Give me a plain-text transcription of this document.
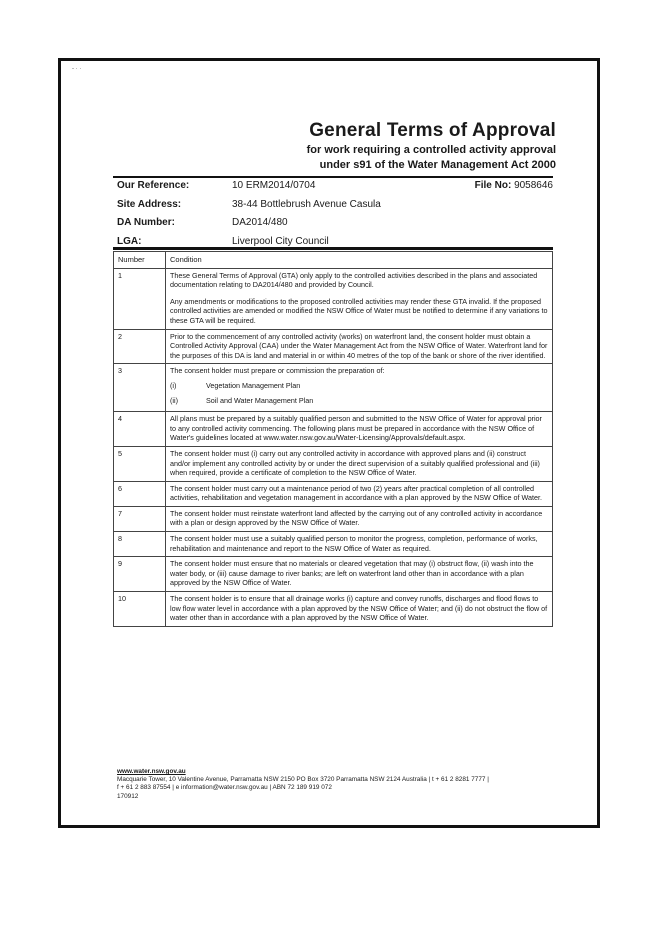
- · ·

General Terms of Approval

for work requiring a controlled activity approval

under s91 of the Water Management Act 2000

Our Reference:	10 ERM2014/0704	File No: 9058646
Site Address:	38-44 Bottlebrush Avenue Casula
DA Number:	DA2014/480
LGA:	Liverpool City Council
Number	Condition
1	These General Terms of Approval (GTA) only apply to the controlled activities described in the plans and associated documentation relating to DA2014/480 and provided by Council.
Any amendments or modifications to the proposed controlled activities may render these GTA invalid. If the proposed controlled activities are amended or modified the NSW Office of Water must be notified to determine if any variations to these GTA will be required.

2	Prior to the commencement of any controlled activity (works) on waterfront land, the consent holder must obtain a Controlled Activity Approval (CAA) under the Water Management Act from the NSW Office of Water. Waterfront land for the purposes of this DA is land and material in or within 40 metres of the top of the bank or shore of the river identified.
3	The consent holder must prepare or commission the preparation of:
(i) Vegetation Management Plan
(ii) Soil and Water Management Plan

4	All plans must be prepared by a suitably qualified person and submitted to the NSW Office of Water for approval prior to any controlled activity commencing. The following plans must be prepared in accordance with the NSW Office of Water's guidelines located at www.water.nsw.gov.au/Water-Licensing/Approvals/default.aspx.
5	The consent holder must (i) carry out any controlled activity in accordance with approved plans and (ii) construct and/or implement any controlled activity by or under the direct supervision of a suitably qualified professional and (iii) when required, provide a certificate of completion to the NSW Office of Water.
6	The consent holder must carry out a maintenance period of two (2) years after practical completion of all controlled activities, rehabilitation and vegetation management in accordance with a plan approved by the NSW Office of Water.
7	The consent holder must reinstate waterfront land affected by the carrying out of any controlled activity in accordance with a plan or design approved by the NSW Office of Water.
8	The consent holder must use a suitably qualified person to monitor the progress, completion, performance of works, rehabilitation and maintenance and report to the NSW Office of Water as required.
9	The consent holder must ensure that no materials or cleared vegetation that may (i) obstruct flow, (ii) wash into the water body, or (iii) cause damage to river banks; are left on waterfront land other than in accordance with a plan approved by the NSW Office of Water.
10	The consent holder is to ensure that all drainage works (i) capture and convey runoffs, discharges and flood flows to low flow water level in accordance with a plan approved by the NSW Office of Water; and (ii) do not obstruct the flow of water other than in accordance with a plan approved by the NSW Office of Water.
www.water.nsw.gov.au
Macquarie Tower, 10 Valentine Avenue, Parramatta NSW 2150 PO Box 3720 Parramatta NSW 2124 Australia | t + 61 2 8281 7777 |
f + 61 2 883 87554 | e information@water.nsw.gov.au | ABN 72 189 919 072
170912
